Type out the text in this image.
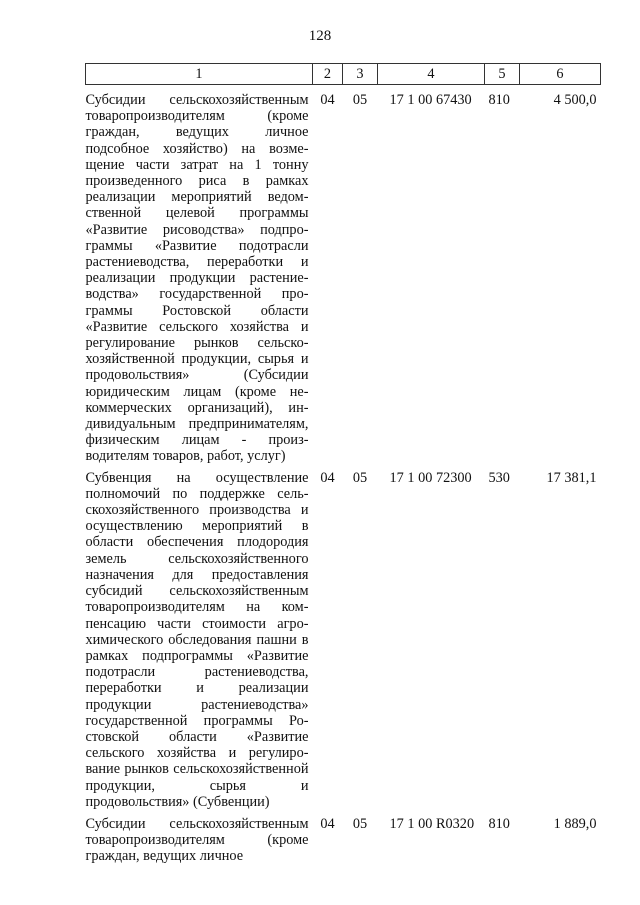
128
1	2	3	4	5	6
Субсидии сельскохозяйственным товаропроизводителям (кроме граждан, ведущих личное подсобное хозяйство) на возмещение части затрат на 1 тонну произведенного риса в рамках реализации мероприятий ведомственной целевой программы «Развитие рисоводства» подпрограммы «Развитие подотрасли растениеводства, переработки и реализации продукции растениеводства» государственной программы Ростовской области «Развитие сельского хозяйства и регулирование рынков сельскохозяйственной продукции, сырья и продовольствия» (Субсидии юридическим лицам (кроме некоммерческих организаций), индивидуальным предпринимателям, физическим лицам - производителям товаров, работ, услуг)	04	05	17 1 00 67430	810	4 500,0
Субвенция на осуществление полномочий по поддержке сельскохозяйственного производства и осуществлению мероприятий в области обеспечения плодородия земель сельскохозяйственного назначения для предоставления субсидий сельскохозяйственным товаропроизводителям на компенсацию части стоимости агрохимического обследования пашни в рамках подпрограммы «Развитие подотрасли растениеводства, переработки и реализации продукции растениеводства» государственной программы Ростовской области «Развитие сельского хозяйства и регулирование рынков сельскохозяйственной продукции, сырья и продовольствия» (Субвенции)	04	05	17 1 00 72300	530	17 381,1
Субсидии сельскохозяйственным товаропроизводителям (кроме граждан, ведущих личное	04	05	17 1 00 R0320	810	1 889,0
